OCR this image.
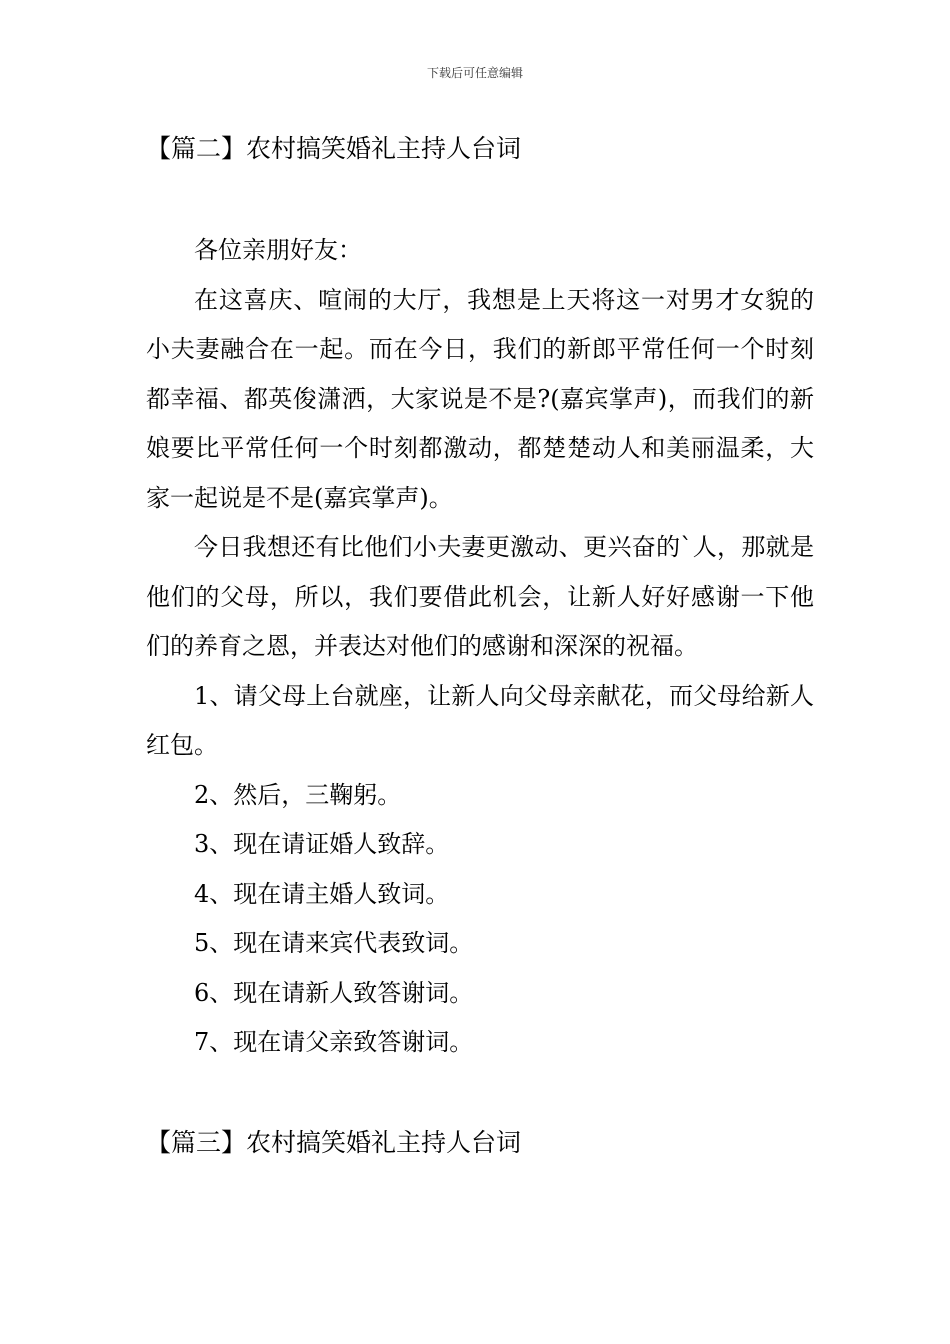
下载后可任意编辑
【篇二】农村搞笑婚礼主持人台词

各位亲朋好友：

在这喜庆、喧闹的大厅，我想是上天将这一对男才女貌的小夫妻融合在一起。而在今日，我们的新郎平常任何一个时刻都幸福、都英俊潇洒，大家说是不是?(嘉宾掌声)，而我们的新娘要比平常任何一个时刻都激动，都楚楚动人和美丽温柔，大家一起说是不是(嘉宾掌声)。

今日我想还有比他们小夫妻更激动、更兴奋的`人，那就是他们的父母，所以，我们要借此机会，让新人好好感谢一下他们的养育之恩，并表达对他们的感谢和深深的祝福。

1、请父母上台就座，让新人向父母亲献花，而父母给新人红包。

2、然后，三鞠躬。

3、现在请证婚人致辞。

4、现在请主婚人致词。

5、现在请来宾代表致词。

6、现在请新人致答谢词。

7、现在请父亲致答谢词。

【篇三】农村搞笑婚礼主持人台词
